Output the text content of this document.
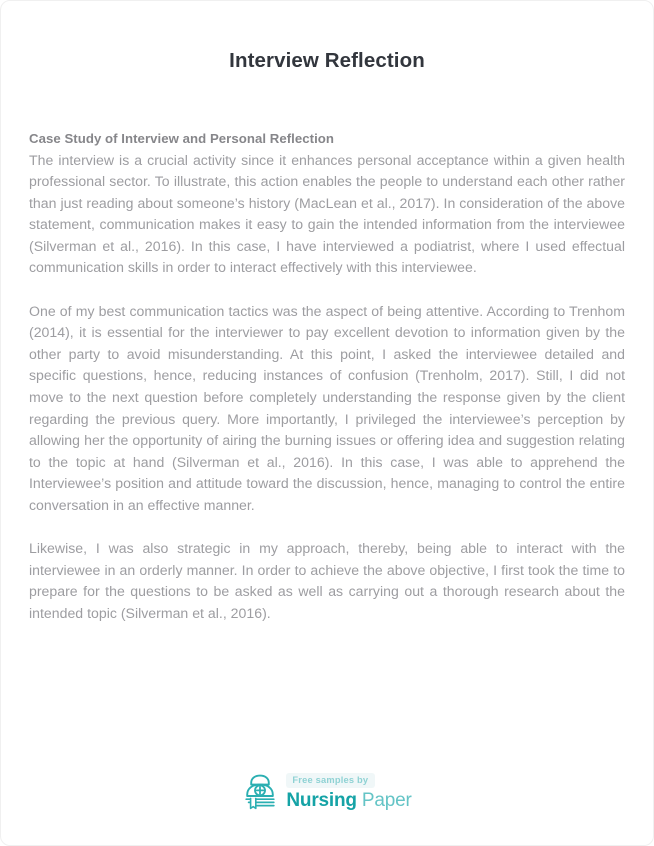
Interview Reflection

Case Study of Interview and Personal Reflection

The interview is a crucial activity since it enhances personal acceptance within a given health professional sector. To illustrate, this action enables the people to understand each other rather than just reading about someone’s history (MacLean et al., 2017). In consideration of the above statement, communication makes it easy to gain the intended information from the interviewee (Silverman et al., 2016). In this case, I have interviewed a podiatrist, where I used effectual communication skills in order to interact effectively with this interviewee.

One of my best communication tactics was the aspect of being attentive. According to Trenhom (2014), it is essential for the interviewer to pay excellent devotion to information given by the other party to avoid misunderstanding. At this point, I asked the interviewee detailed and specific questions, hence, reducing instances of confusion (Trenholm, 2017). Still, I did not move to the next question before completely understanding the response given by the client regarding the previous query. More importantly, I privileged the interviewee’s perception by allowing her the opportunity of airing the burning issues or offering idea and suggestion relating to the topic at hand (Silverman et al., 2016). In this case, I was able to apprehend the Interviewee’s position and attitude toward the discussion, hence, managing to control the entire conversation in an effective manner.

Likewise, I was also strategic in my approach, thereby, being able to interact with the interviewee in an orderly manner. In order to achieve the above objective, I first took the time to prepare for the questions to be asked as well as carrying out a thorough research about the intended topic (Silverman et al., 2016).

Free samples by
Nursing Paper
